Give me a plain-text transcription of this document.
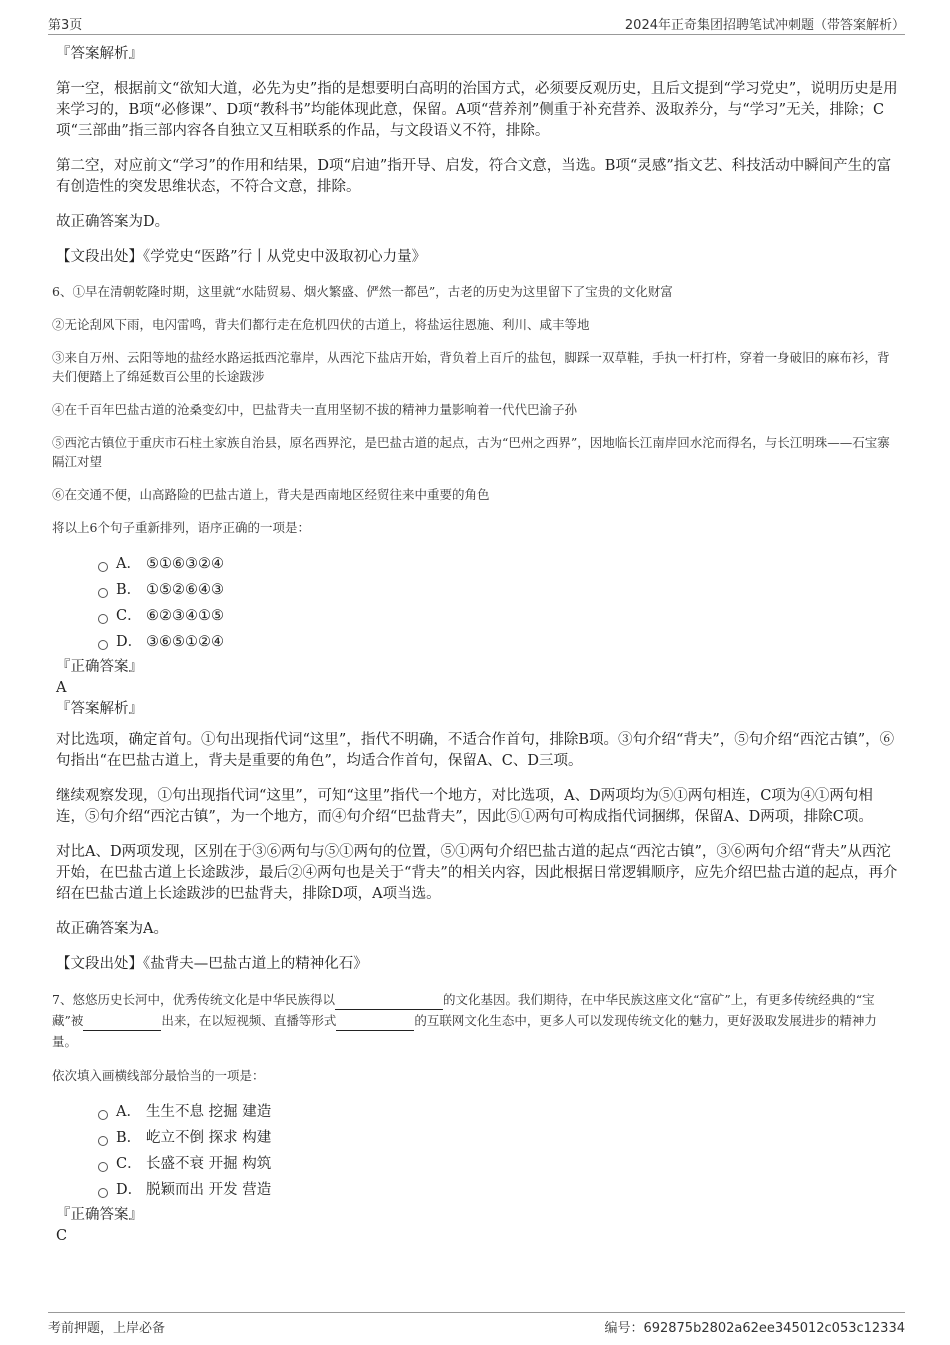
第3页	2024年正奇集团招聘笔试冲刺题（带答案解析）

『答案解析』

第一空，根据前文“欲知大道，必先为史”指的是想要明白高明的治国方式，必须要反观历史，且后文提到“学习党史”，说明历史是用来学习的，B项“必修课”、D项“教科书”均能体现此意，保留。A项“营养剂”侧重于补充营养、汲取养分，与“学习”无关，排除；C项“三部曲”指三部内容各自独立又互相联系的作品，与文段语义不符，排除。

第二空，对应前文“学习”的作用和结果，D项“启迪”指开导、启发，符合文意，当选。B项“灵感”指文艺、科技活动中瞬间产生的富有创造性的突发思维状态，不符合文意，排除。

故正确答案为D。

【文段出处】《学党史“医路”行丨从党史中汲取初心力量》

6、①早在清朝乾隆时期，这里就“水陆贸易、烟火繁盛、俨然一都邑”，古老的历史为这里留下了宝贵的文化财富

②无论刮风下雨，电闪雷鸣，背夫们都行走在危机四伏的古道上，将盐运往恩施、利川、咸丰等地

③来自万州、云阳等地的盐经水路运抵西沱靠岸，从西沱下盐店开始，背负着上百斤的盐包，脚踩一双草鞋，手执一杆打杵，穿着一身破旧的麻布衫，背夫们便踏上了绵延数百公里的长途跋涉

④在千百年巴盐古道的沧桑变幻中，巴盐背夫一直用坚韧不拔的精神力量影响着一代代巴渝子孙

⑤西沱古镇位于重庆市石柱土家族自治县，原名西界沱，是巴盐古道的起点，古为“巴州之西界”，因地临长江南岸回水沱而得名，与长江明珠——石宝寨隔江对望

⑥在交通不便，山高路险的巴盐古道上，背夫是西南地区经贸往来中重要的角色

将以上6个句子重新排列，语序正确的一项是：

A． ⑤①⑥③②④
B． ①⑤②⑥④③
C． ⑥②③④①⑤
D． ③⑥⑤①②④

『正确答案』

A

『答案解析』

对比选项，确定首句。①句出现指代词“这里”，指代不明确，不适合作首句，排除B项。③句介绍“背夫”，⑤句介绍“西沱古镇”，⑥句指出“在巴盐古道上，背夫是重要的角色”，均适合作首句，保留A、C、D三项。

继续观察发现，①句出现指代词“这里”，可知“这里”指代一个地方，对比选项，A、D两项均为⑤①两句相连，C项为④①两句相连，⑤句介绍“西沱古镇”，为一个地方，而④句介绍“巴盐背夫”，因此⑤①两句可构成指代词捆绑，保留A、D两项，排除C项。

对比A、D两项发现，区别在于③⑥两句与⑤①两句的位置，⑤①两句介绍巴盐古道的起点“西沱古镇”，③⑥两句介绍“背夫”从西沱开始，在巴盐古道上长途跋涉，最后②④两句也是关于“背夫”的相关内容，因此根据日常逻辑顺序，应先介绍巴盐古道的起点，再介绍在巴盐古道上长途跋涉的巴盐背夫，排除D项，A项当选。

故正确答案为A。

【文段出处】《盐背夫—巴盐古道上的精神化石》

7、悠悠历史长河中，优秀传统文化是中华民族得以	的文化基因。我们期待，在中华民族这座文化“富矿”上，有更多传统经典的“宝藏”被	出来，在以短视频、直播等形式	的互联网文化生态中，更多人可以发现传统文化的魅力，更好汲取发展进步的精神力量。

依次填入画横线部分最恰当的一项是：

A． 生生不息 挖掘 建造
B． 屹立不倒 探求 构建
C． 长盛不衰 开掘 构筑
D． 脱颖而出 开发 营造

『正确答案』

C

考前押题，上岸必备	编号：692875b2802a62ee345012c053c12334
